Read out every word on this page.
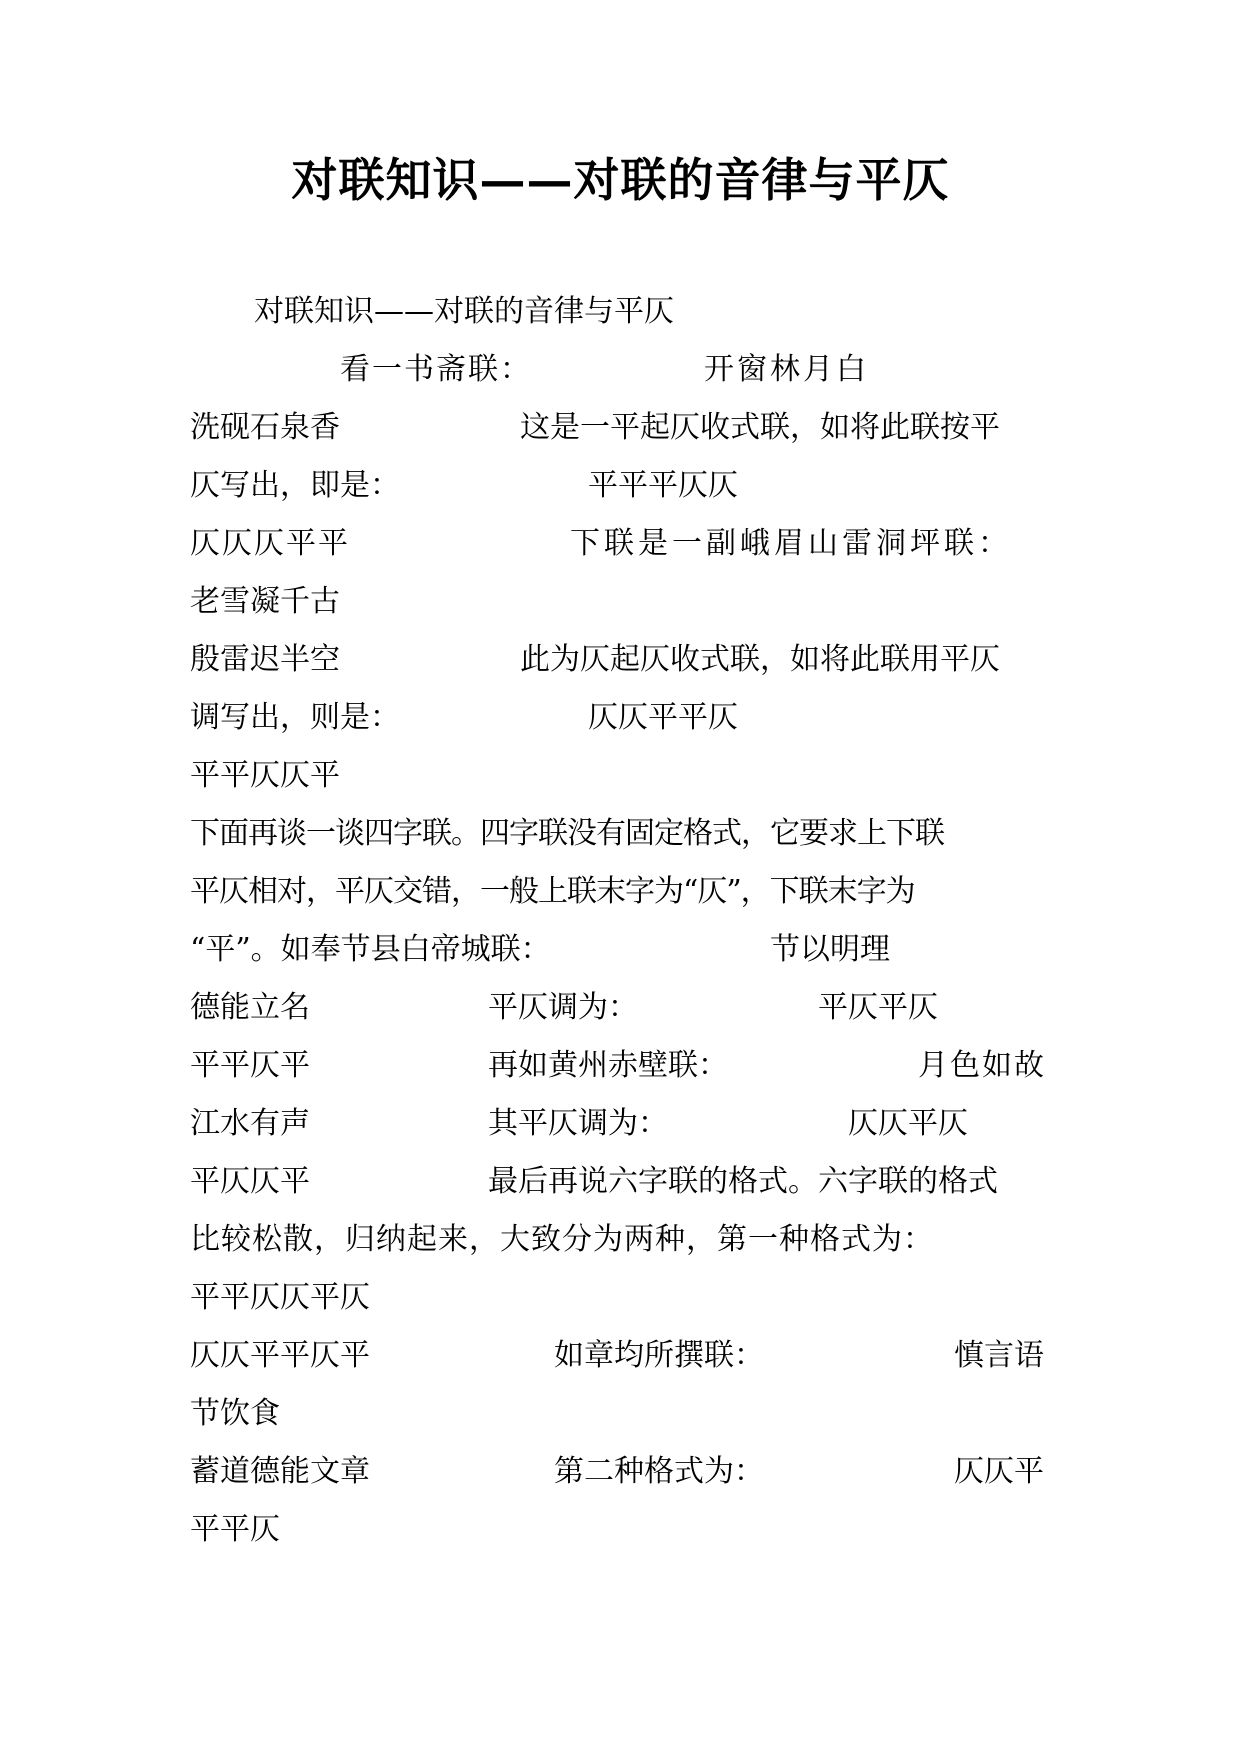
对联知识——对联的音律与平仄
对联知识——对联的音律与平仄
看一书斋联：	开窗林月白
洗砚石泉香	这是一平起仄收式联，如将此联按平
仄写出，即是：	平平平仄仄
仄仄仄平平	下联是一副峨眉山雷洞坪联：
老雪凝千古
殷雷迟半空	此为仄起仄收式联，如将此联用平仄
调写出，则是：	仄仄平平仄
平平仄仄平
下面再谈一谈四字联。四字联没有固定格式，它要求上下联
平仄相对，平仄交错，一般上联末字为“仄”，下联末字为
“平”。如奉节县白帝城联：	节以明理
德能立名	平仄调为：	平仄平仄
平平仄平	再如黄州赤壁联：	月色如故
江水有声	其平仄调为：	仄仄平仄
平仄仄平	最后再说六字联的格式。六字联的格式
比较松散，归纳起来，大致分为两种，第一种格式为：
平平仄仄平仄
仄仄平平仄平	如章均所撰联：	慎言语
节饮食
蓄道德能文章	第二种格式为：	仄仄平
平平仄
